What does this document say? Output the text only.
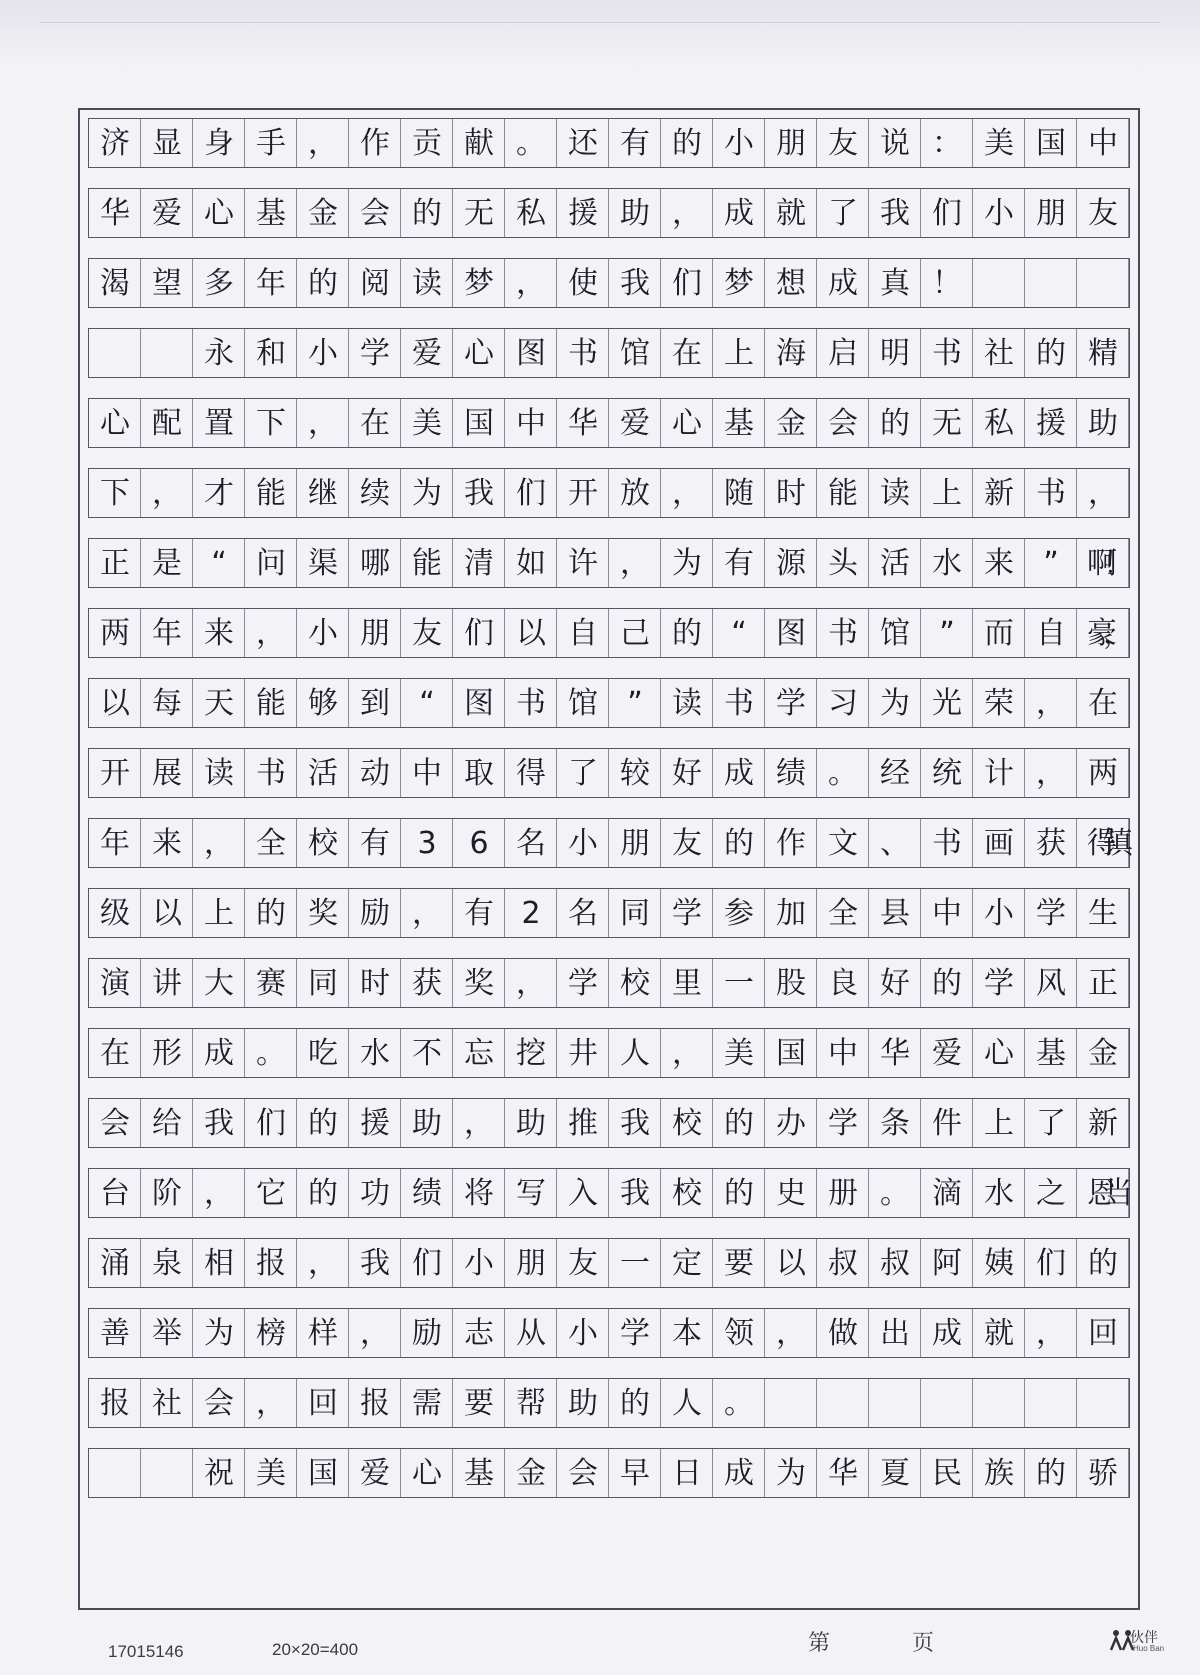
济 显 身 手 ， 作 贡 献 。 还 有 的 小 朋 友 说 ： 美 国 中
华 爱 心 基 金 会 的 无 私 援 助 ， 成 就 了 我 们 小 朋 友
渴 望 多 年 的 阅 读 梦 ， 使 我 们 梦 想 成 真 ！

永 和 小 学 爱 心 图 书 馆 在 上 海 启 明 书 社 的 精
心 配 置 下 ， 在 美 国 中 华 爱 心 基 金 会 的 无 私 援 助
下 ， 才 能 继 续 为 我 们 开 放 ， 随 时 能 读 上 新 书 ，
正 是 “ 问 渠 哪 能 清 如 许 ， 为 有 源 头 活 水 来 ” 啊！
两 年 来 ， 小 朋 友 们 以 自 己 的 “ 图 书 馆 ” 而 自 豪，
以 每 天 能 够 到 “ 图 书 馆 ” 读 书 学 习 为 光 荣 ， 在
开 展 读 书 活 动 中 取 得 了 较 好 成 绩 。 经 统 计 ， 两
年 来 ， 全 校 有 3	6 名 小 朋 友 的 作 文 、 书 画 获 得镇
级 以 上 的 奖 励 ， 有 2 名 同 学 参 加 全 县 中 小 学 生
演 讲 大 赛 同 时 获 奖 ， 学 校 里 一 股 良 好 的 学 风 正
在 形 成 。 吃 水 不 忘 挖 井 人 ， 美 国 中 华 爱 心 基 金
会 给 我 们 的 援 助 ， 助 推 我 校 的 办 学 条 件 上 了 新
台 阶 ， 它 的 功 绩 将 写 入 我 校 的 史 册 。 滴 水 之 恩当
涌 泉 相 报 ， 我 们 小 朋 友 一 定 要 以 叔 叔 阿 姨 们 的
善 举 为 榜 样 ， 励 志 从 小 学 本 领 ， 做 出 成 就 ， 回
报 社 会 ， 回 报 需 要 帮 助 的 人 。

祝 美 国 爱 心 基 金 会 早 日 成 为 华 夏 民 族 的 骄
17015146	20×20=400	第	页	伙伴
Huo Ban
